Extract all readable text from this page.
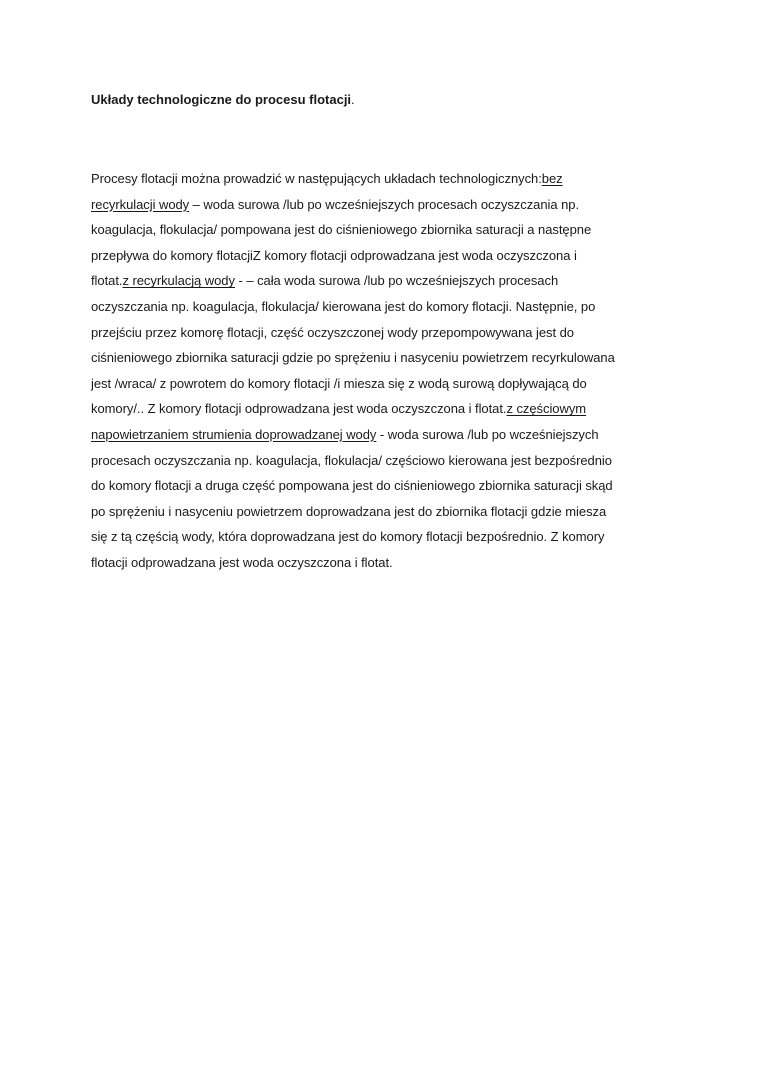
Układy technologiczne do procesu flotacji.

Procesy flotacji można prowadzić w następujących układach technologicznych:bez
recyrkulacji wody – woda surowa /lub po wcześniejszych procesach oczyszczania np.
koagulacja, flokulacja/ pompowana jest do ciśnieniowego zbiornika saturacji a następne
przepływa do komory flotacjiZ komory flotacji odprowadzana jest woda oczyszczona i
flotat.z recyrkulacją wody - – cała woda surowa /lub po wcześniejszych procesach
oczyszczania np. koagulacja, flokulacja/ kierowana jest do komory flotacji. Następnie, po
przejściu przez komorę flotacji, część oczyszczonej wody przepompowywana jest do
ciśnieniowego zbiornika saturacji gdzie po sprężeniu i nasyceniu powietrzem recyrkulowana
jest /wraca/ z powrotem do komory flotacji /i miesza się z wodą surową dopływającą do
komory/.. Z komory flotacji odprowadzana jest woda oczyszczona i flotat.z częściowym
napowietrzaniem strumienia doprowadzanej wody - woda surowa /lub po wcześniejszych
procesach oczyszczania np. koagulacja, flokulacja/ częściowo kierowana jest bezpośrednio
do komory flotacji a druga część pompowana jest do ciśnieniowego zbiornika saturacji skąd
po sprężeniu i nasyceniu powietrzem doprowadzana jest do zbiornika flotacji gdzie miesza
się z tą częścią wody, która doprowadzana jest do komory flotacji bezpośrednio. Z komory
flotacji odprowadzana jest woda oczyszczona i flotat.
